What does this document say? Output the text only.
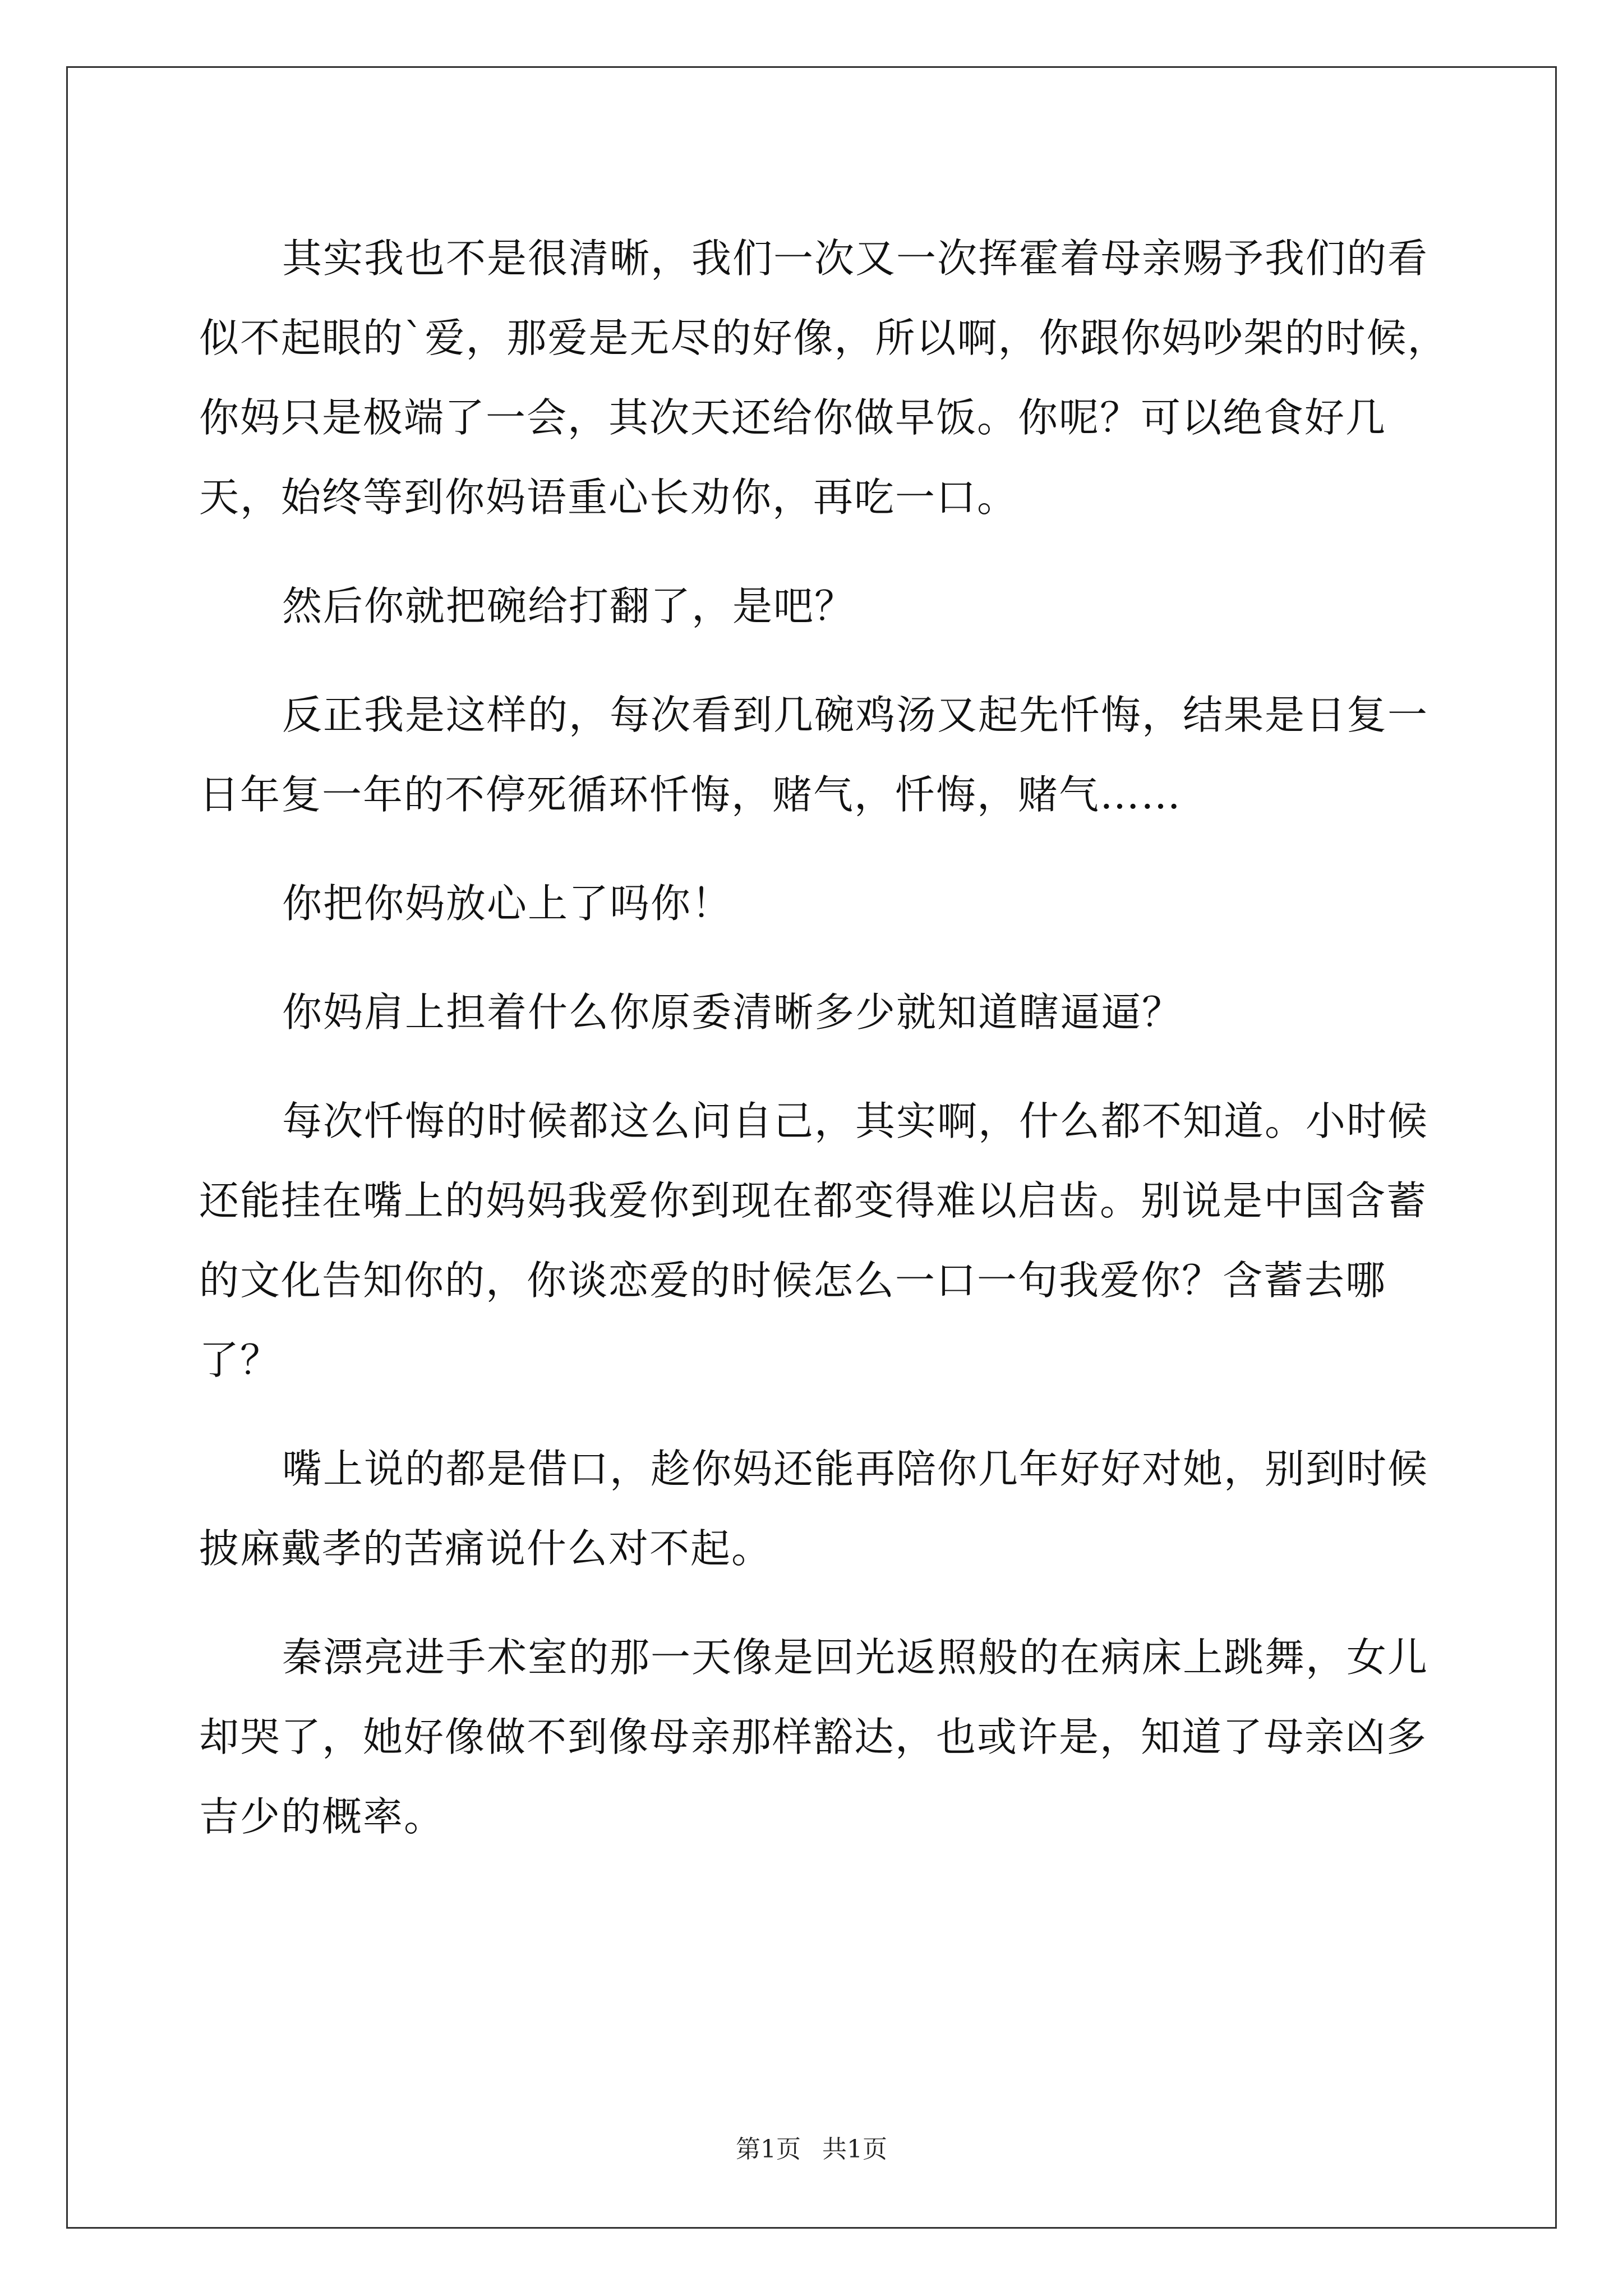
其实我也不是很清晰，我们一次又一次挥霍着母亲赐予我们的看似不起眼的`爱，那爱是无尽的好像，所以啊，你跟你妈吵架的时候，你妈只是极端了一会，其次天还给你做早饭。你呢？可以绝食好几天，始终等到你妈语重心长劝你，再吃一口。

然后你就把碗给打翻了，是吧？

反正我是这样的，每次看到几碗鸡汤又起先忏悔，结果是日复一日年复一年的不停死循环忏悔，赌气，忏悔，赌气……

你把你妈放心上了吗你！

你妈肩上担着什么你原委清晰多少就知道瞎逼逼？

每次忏悔的时候都这么问自己，其实啊，什么都不知道。小时候还能挂在嘴上的妈妈我爱你到现在都变得难以启齿。别说是中国含蓄的文化告知你的，你谈恋爱的时候怎么一口一句我爱你？含蓄去哪了？

嘴上说的都是借口，趁你妈还能再陪你几年好好对她，别到时候披麻戴孝的苦痛说什么对不起。

秦漂亮进手术室的那一天像是回光返照般的在病床上跳舞，女儿却哭了，她好像做不到像母亲那样豁达，也或许是，知道了母亲凶多吉少的概率。

第1页 共1页
